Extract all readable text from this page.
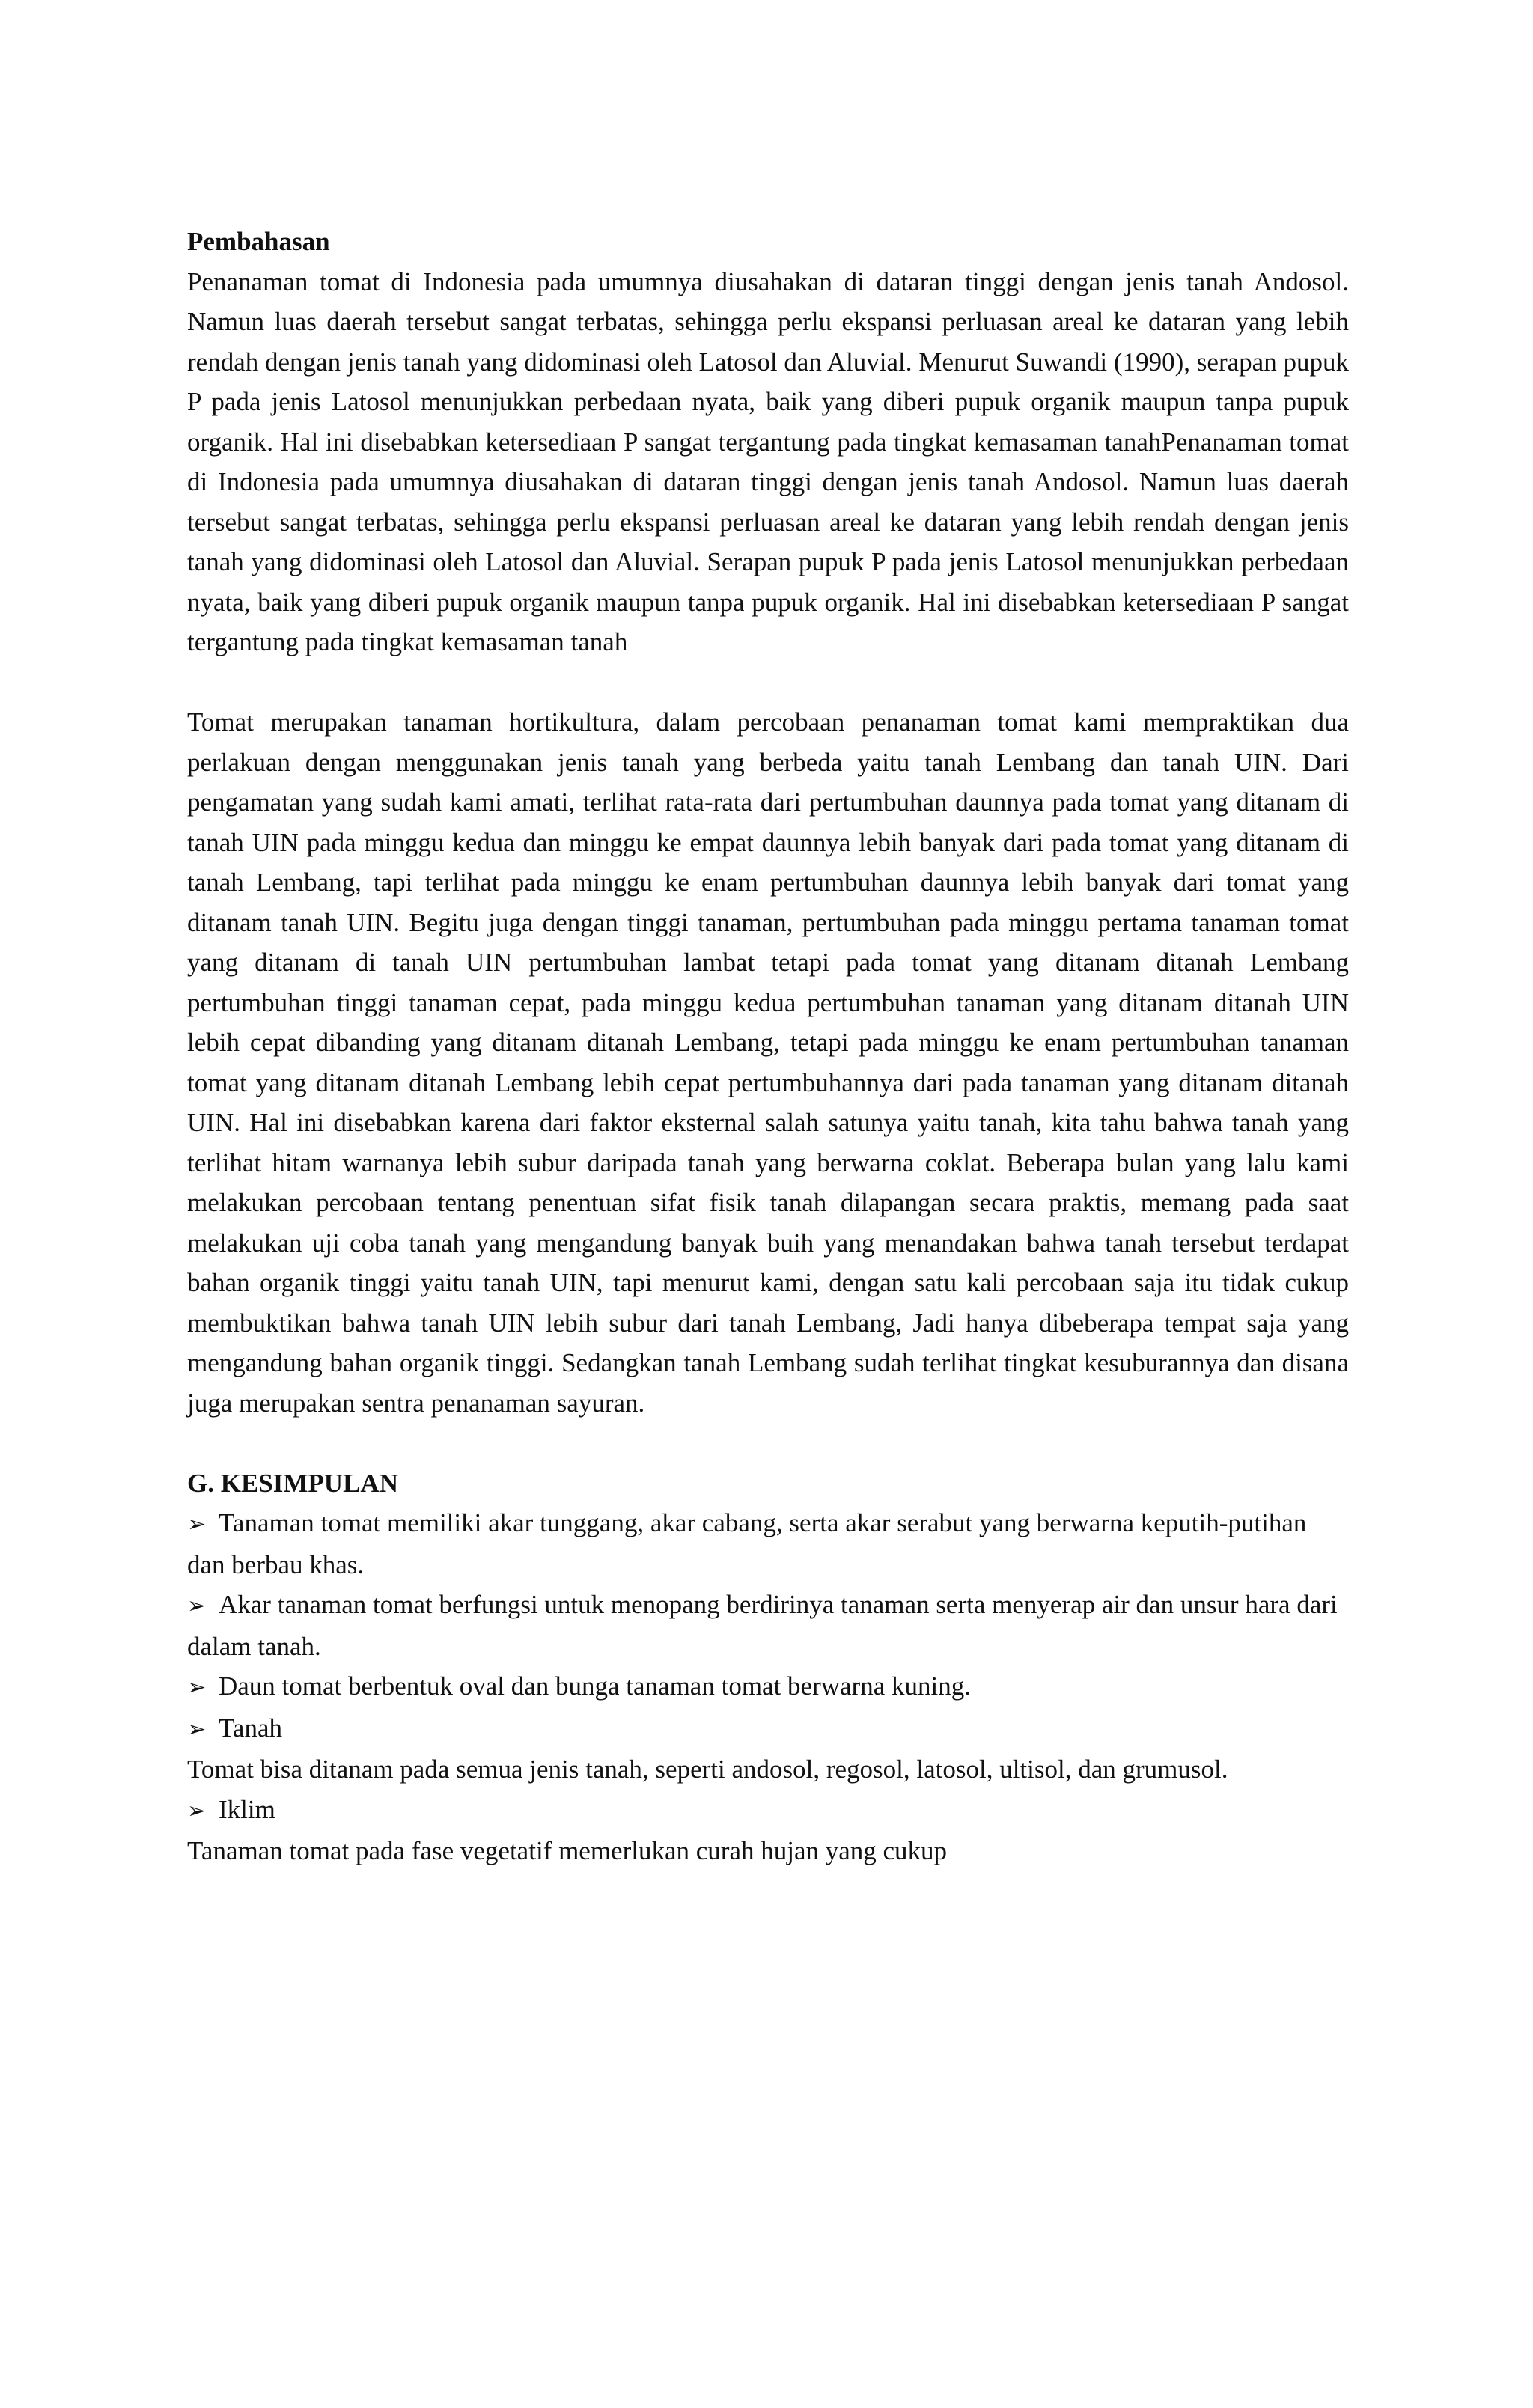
Pembahasan

Penanaman tomat di Indonesia pada umumnya diusahakan di dataran tinggi dengan jenis tanah Andosol. Namun luas daerah tersebut sangat terbatas, sehingga perlu ekspansi perluasan areal ke dataran yang lebih rendah dengan jenis tanah yang didominasi oleh Latosol dan Aluvial. Menurut Suwandi (1990), serapan pupuk P pada jenis Latosol menunjukkan perbedaan nyata, baik yang diberi pupuk organik maupun tanpa pupuk organik. Hal ini disebabkan ketersediaan P sangat tergantung pada tingkat kemasaman tanahPenanaman tomat di Indonesia pada umumnya diusahakan di dataran tinggi dengan jenis tanah Andosol. Namun luas daerah tersebut sangat terbatas, sehingga perlu ekspansi perluasan areal ke dataran yang lebih rendah dengan jenis tanah yang didominasi oleh Latosol dan Aluvial. Serapan pupuk P pada jenis Latosol menunjukkan perbedaan nyata, baik yang diberi pupuk organik maupun tanpa pupuk organik. Hal ini disebabkan ketersediaan P sangat tergantung pada tingkat kemasaman tanah

Tomat merupakan tanaman hortikultura, dalam percobaan penanaman tomat kami mempraktikan dua perlakuan dengan menggunakan jenis tanah yang berbeda yaitu tanah Lembang dan tanah UIN. Dari pengamatan yang sudah kami amati, terlihat rata-rata dari pertumbuhan daunnya pada tomat yang ditanam di tanah UIN pada minggu kedua dan minggu ke empat daunnya lebih banyak dari pada tomat yang ditanam di tanah Lembang, tapi terlihat pada minggu ke enam pertumbuhan daunnya lebih banyak dari tomat yang ditanam tanah UIN. Begitu juga dengan tinggi tanaman, pertumbuhan pada minggu pertama tanaman tomat yang ditanam di tanah UIN pertumbuhan lambat tetapi pada tomat yang ditanam ditanah Lembang pertumbuhan tinggi tanaman cepat, pada minggu kedua pertumbuhan tanaman yang ditanam ditanah UIN lebih cepat dibanding yang ditanam ditanah Lembang, tetapi pada minggu ke enam pertumbuhan tanaman tomat yang ditanam ditanah Lembang lebih cepat pertumbuhannya dari pada tanaman yang ditanam ditanah UIN. Hal ini disebabkan karena dari faktor eksternal salah satunya yaitu tanah, kita tahu bahwa tanah yang terlihat hitam warnanya lebih subur daripada tanah yang berwarna coklat. Beberapa bulan yang lalu kami melakukan percobaan tentang penentuan sifat fisik tanah dilapangan secara praktis, memang pada saat melakukan uji coba tanah yang mengandung banyak buih yang menandakan bahwa tanah tersebut terdapat bahan organik tinggi yaitu tanah UIN, tapi menurut kami, dengan satu kali percobaan saja itu tidak cukup membuktikan bahwa tanah UIN lebih subur dari tanah Lembang, Jadi hanya dibeberapa tempat saja yang mengandung bahan organik tinggi. Sedangkan tanah Lembang sudah terlihat tingkat kesuburannya dan disana juga merupakan sentra penanaman sayuran.

G. KESIMPULAN

➢ Tanaman tomat memiliki akar tunggang, akar cabang, serta akar serabut yang berwarna keputih-putihan dan berbau khas.

➢ Akar tanaman tomat berfungsi untuk menopang berdirinya tanaman serta menyerap air dan unsur hara dari dalam tanah.

➢ Daun tomat berbentuk oval dan bunga tanaman tomat berwarna kuning.

➢ Tanah

Tomat bisa ditanam pada semua jenis tanah, seperti andosol, regosol, latosol, ultisol, dan grumusol.

➢ Iklim

Tanaman tomat pada fase vegetatif memerlukan curah hujan yang cukup
